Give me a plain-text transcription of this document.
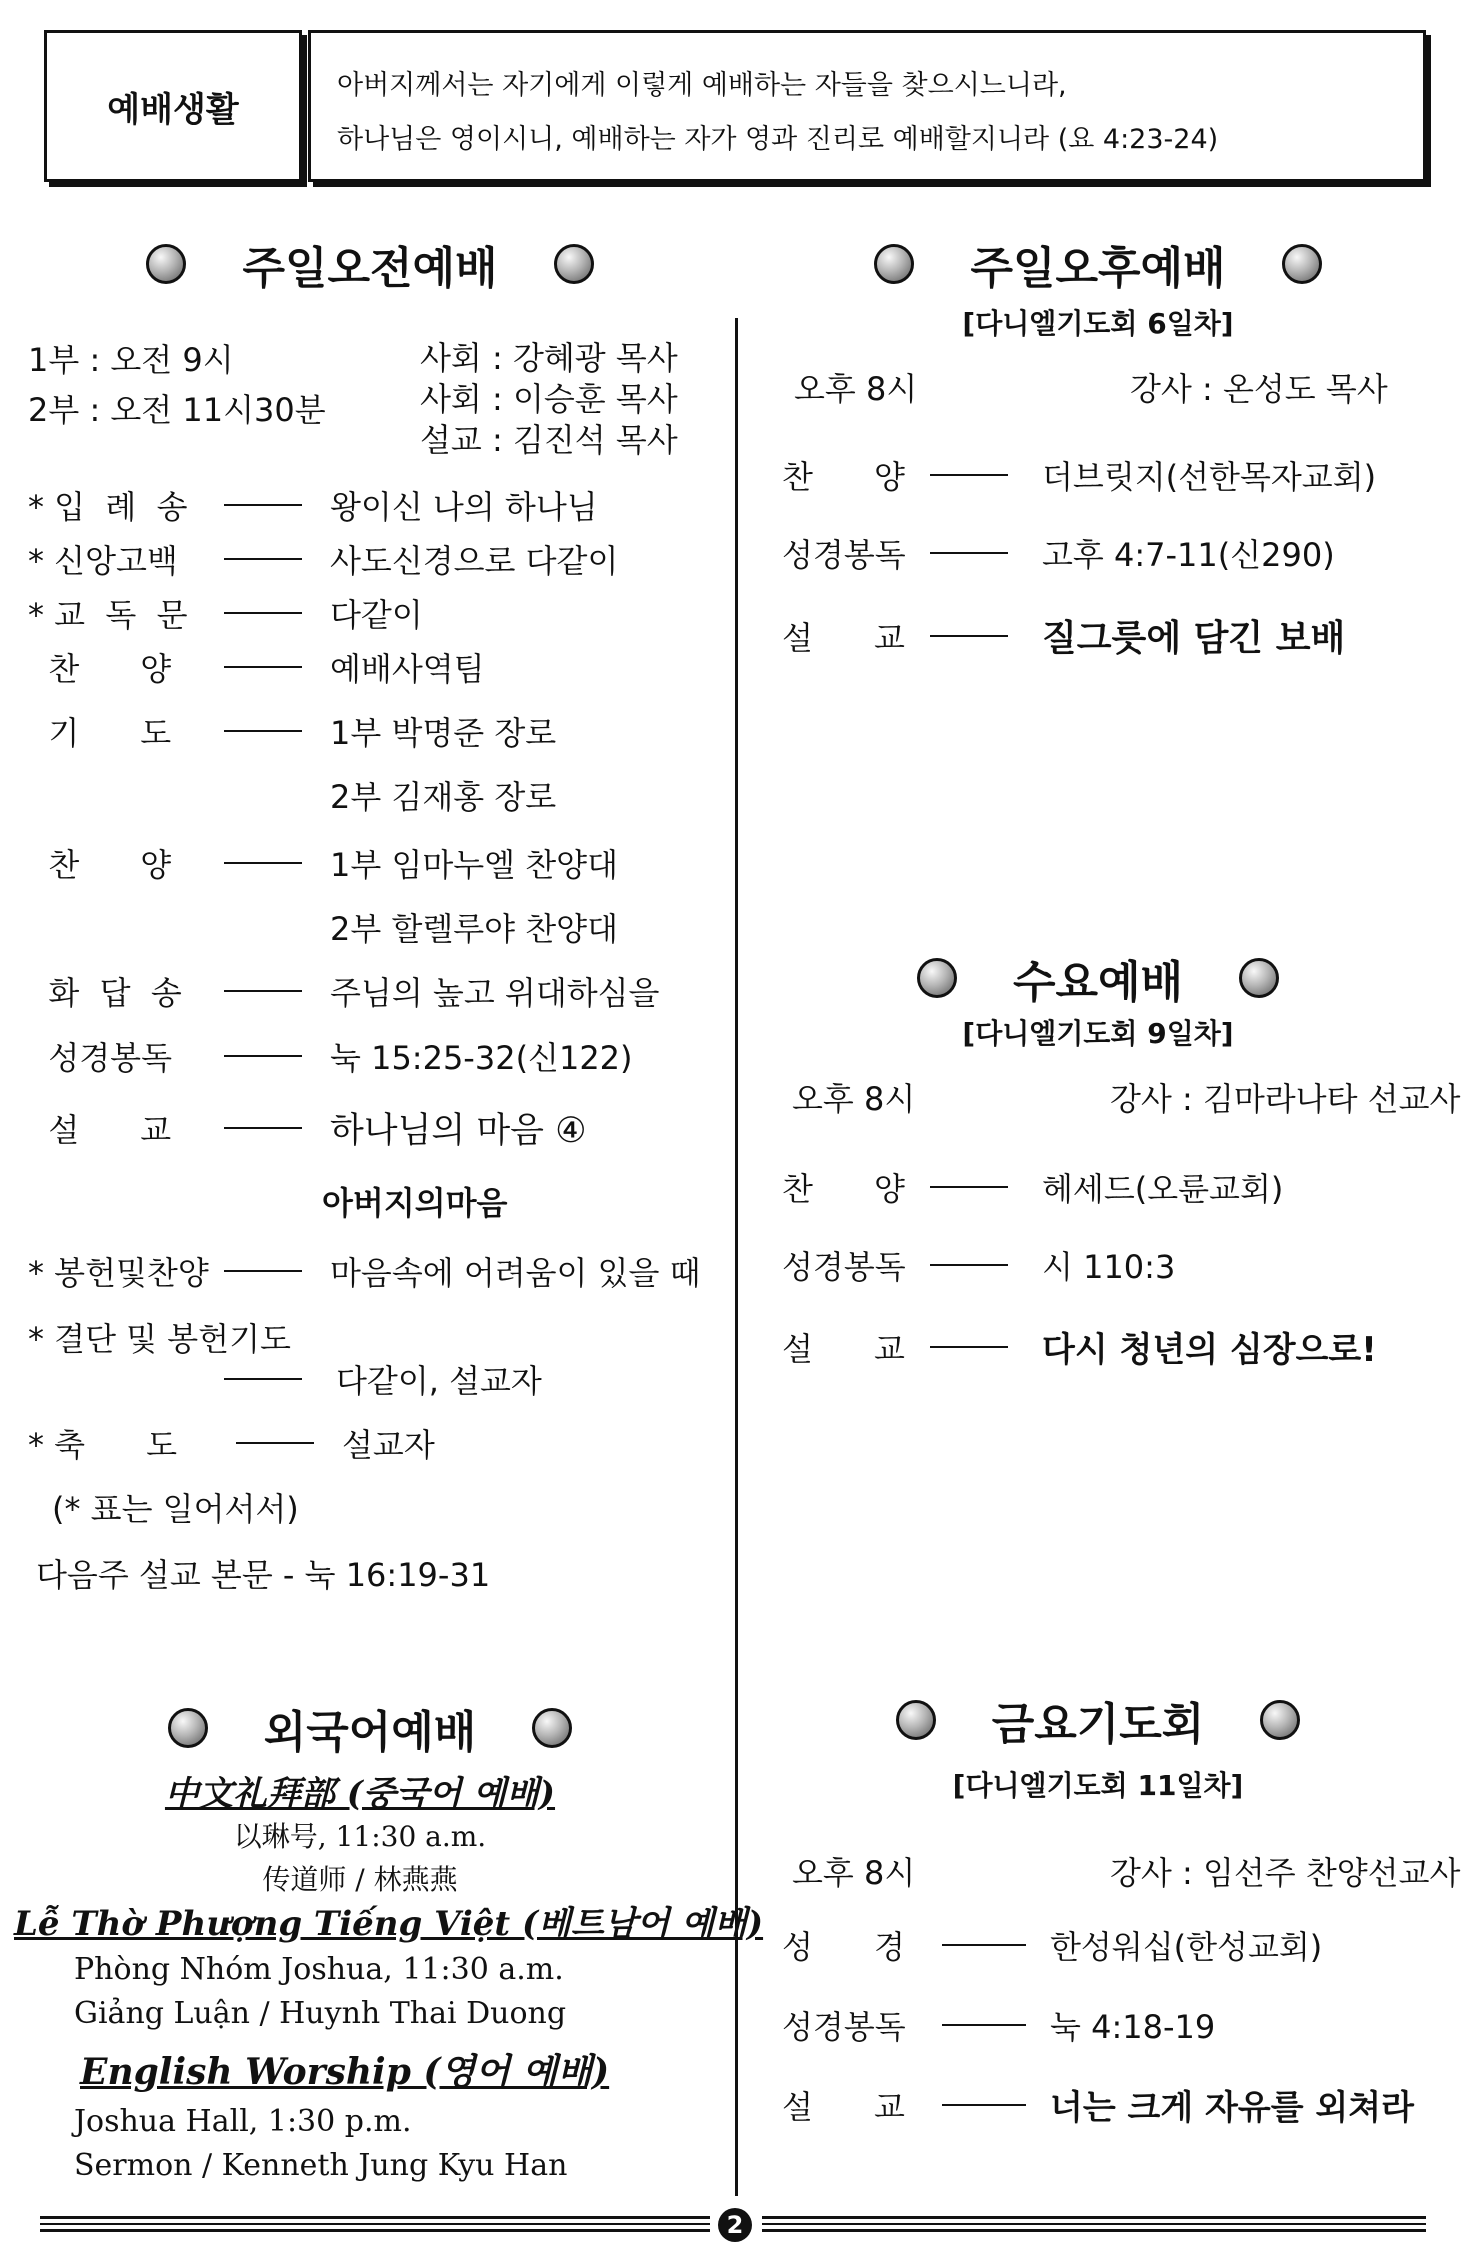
예배생활
아버지께서는 자기에게 이렇게 예배하는 자들을 찾으시느니라,
하나님은 영이시니, 예배하는 자가 영과 진리로 예배할지니라 (요 4:23-24)
주일오전예배
1부 : 오전 9시
2부 : 오전 11시30분
사회 : 강혜광 목사
사회 : 이승훈 목사
설교 : 김진석 목사
* 입  례  송	왕이신 나의 하나님
* 신앙고백	사도신경으로 다같이
* 교  독  문	다같이
찬      양	예배사역팀
기      도	1부 박명준 장로
2부 김재홍 장로
찬      양	1부 임마누엘 찬양대
2부 할렐루야 찬양대
화  답  송	주님의 높고 위대하심을
성경봉독	눅 15:25-32(신122)
설      교	하나님의 마음 ④
아버지의마음
* 봉헌및찬양	마음속에 어려움이 있을 때
* 결단 및 봉헌기도
다같이, 설교자
* 축      도	설교자
(* 표는 일어서서)
다음주 설교 본문 - 눅 16:19-31
외국어예배
中文礼拜部 (중국어 예배)
以琳号, 11:30 a.m.
传道师 / 林燕燕
Lễ Thờ Phượng Tiếng Việt (베트남어 예배)
Phòng Nhóm Joshua, 11:30 a.m.
Giảng Luận / Huynh Thai Duong
English Worship (영어 예배)
Joshua Hall, 1:30 p.m.
Sermon / Kenneth Jung Kyu Han
주일오후예배
[다니엘기도회 6일차]
오후 8시	강사 : 온성도 목사
찬      양	더브릿지(선한목자교회)
성경봉독	고후 4:7-11(신290)
설      교	질그릇에 담긴 보배
수요예배
[다니엘기도회 9일차]
오후 8시	강사 : 김마라나타 선교사
찬      양	헤세드(오륜교회)
성경봉독	시 110:3
설      교	다시 청년의 심장으로!
금요기도회
[다니엘기도회 11일차]
오후 8시	강사 : 임선주 찬양선교사
성      경	한성워십(한성교회)
성경봉독	눅 4:18-19
설      교	너는 크게 자유를 외쳐라
2
